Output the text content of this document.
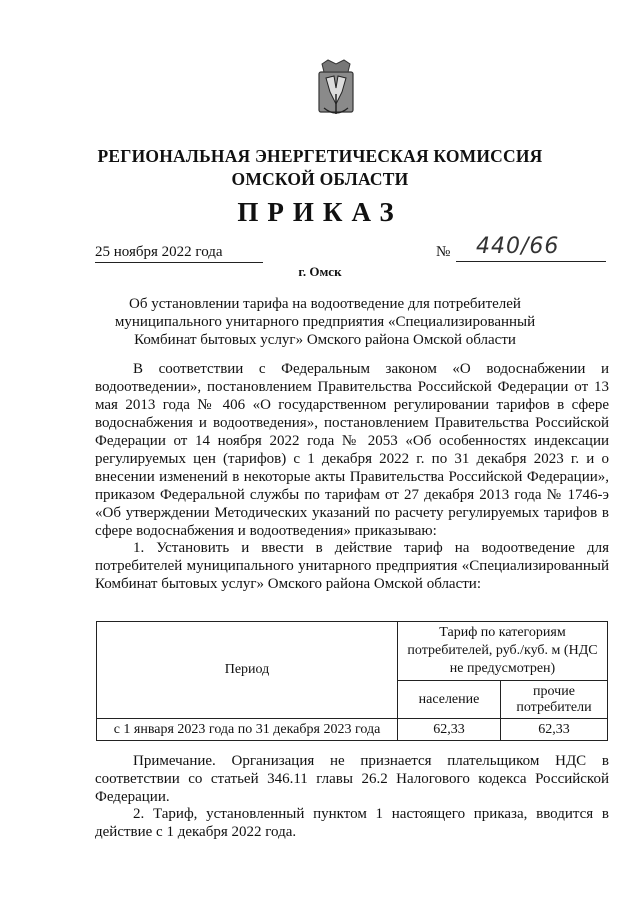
РЕГИОНАЛЬНАЯ ЭНЕРГЕТИЧЕСКАЯ КОМИССИЯ
ОМСКОЙ ОБЛАСТИ
ПРИКАЗ
25 ноября 2022 года	№ 440/66
г. Омск
Об установлении тарифа на водоотведение для потребителей муниципального унитарного предприятия «Специализированный Комбинат бытовых услуг» Омского района Омской области

В соответствии с Федеральным законом «О водоснабжении и водоотведении», постановлением Правительства Российской Федерации от 13 мая 2013 года № 406 «О государственном регулировании тарифов в сфере водоснабжения и водоотведения», постановлением Правительства Российской Федерации от 14 ноября 2022 года № 2053 «Об особенностях индексации регулируемых цен (тарифов) с 1 декабря 2022 г. по 31 декабря 2023 г. и о внесении изменений в некоторые акты Правительства Российской Федерации», приказом Федеральной службы по тарифам от 27 декабря 2013 года № 1746-э «Об утверждении Методических указаний по расчету регулируемых тарифов в сфере водоснабжения и водоотведения» приказываю:

1. Установить и ввести в действие тариф на водоотведение для потребителей муниципального унитарного предприятия «Специализированный Комбинат бытовых услуг» Омского района Омской области:

Период	Тариф по категориям потребителей, руб./куб. м (НДС не предусмотрен)	
	население	прочие потребители
с 1 января 2023 года по 31 декабря 2023 года	62,33	62,33

Примечание. Организация не признается плательщиком НДС в соответствии со статьей 346.11 главы 26.2 Налогового кодекса Российской Федерации.

2. Тариф, установленный пунктом 1 настоящего приказа, вводится в действие с 1 декабря 2022 года.
